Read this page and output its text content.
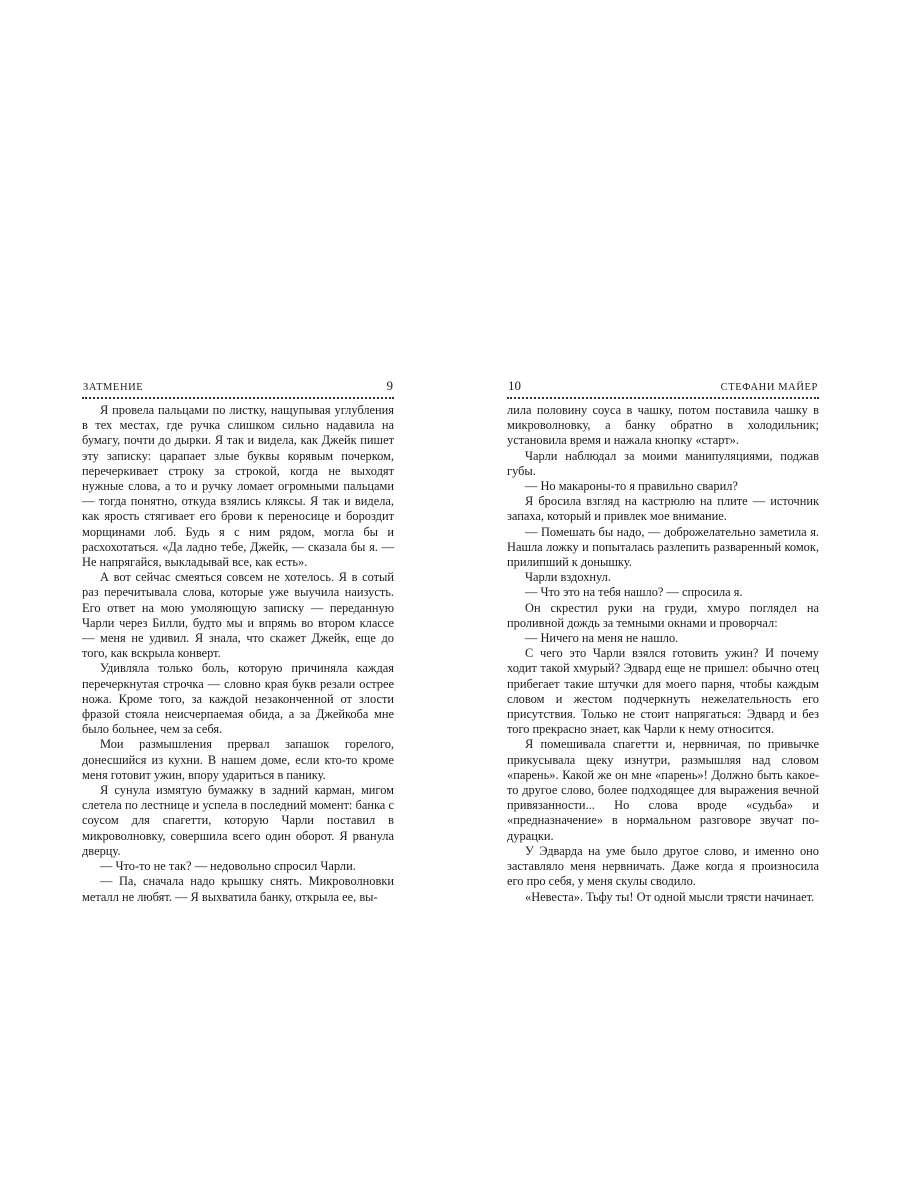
ЗАТМЕНИЕ	9

Я провела пальцами по листку, нащупывая углубления в тех местах, где ручка слишком сильно надавила на бумагу, почти до дырки. Я так и видела, как Джейк пишет эту записку: царапает злые буквы корявым почерком, перечеркивает строку за строкой, когда не выходят нужные слова, а то и ручку ломает огромными пальцами — тогда понятно, откуда взялись кляксы. Я так и видела, как ярость стягивает его брови к переносице и бороздит морщинами лоб. Будь я с ним рядом, могла бы и расхохотаться. «Да ладно тебе, Джейк, — сказала бы я. — Не напрягайся, выкладывай все, как есть».

А вот сейчас смеяться совсем не хотелось. Я в сотый раз перечитывала слова, которые уже выучила наизусть. Его ответ на мою умоляющую записку — переданную Чарли через Билли, будто мы и впрямь во втором классе — меня не удивил. Я знала, что скажет Джейк, еще до того, как вскрыла конверт.

Удивляла только боль, которую причиняла каждая перечеркнутая строчка — словно края букв резали острее ножа. Кроме того, за каждой незаконченной от злости фразой стояла неисчерпаемая обида, а за Джейкоба мне было больнее, чем за себя.

Мои размышления прервал запашок горелого, донесшийся из кухни. В нашем доме, если кто-то кроме меня готовит ужин, впору удариться в панику.

Я сунула измятую бумажку в задний карман, мигом слетела по лестнице и успела в последний момент: банка с соусом для спагетти, которую Чарли поставил в микроволновку, совершила всего один оборот. Я рванула дверцу.

— Что-то не так? — недовольно спросил Чарли.

— Па, сначала надо крышку снять. Микроволновки металл не любят. — Я выхватила банку, открыла ее, вы-

10	СТЕФАНИ МАЙЕР

лила половину соуса в чашку, потом поставила чашку в микроволновку, а банку обратно в холодильник; установила время и нажала кнопку «старт».

Чарли наблюдал за моими манипуляциями, поджав губы.

— Но макароны-то я правильно сварил?

Я бросила взгляд на кастрюлю на плите — источник запаха, который и привлек мое внимание.

— Помешать бы надо, — доброжелательно заметила я. Нашла ложку и попыталась разлепить разваренный комок, прилипший к донышку.

Чарли вздохнул.

— Что это на тебя нашло? — спросила я.

Он скрестил руки на груди, хмуро поглядел на проливной дождь за темными окнами и проворчал:

— Ничего на меня не нашло.

С чего это Чарли взялся готовить ужин? И почему ходит такой хмурый? Эдвард еще не пришел: обычно отец прибегает такие штучки для моего парня, чтобы каждым словом и жестом подчеркнуть нежелательность его присутствия. Только не стоит напрягаться: Эдвард и без того прекрасно знает, как Чарли к нему относится.

Я помешивала спагетти и, нервничая, по привычке прикусывала щеку изнутри, размышляя над словом «парень». Какой же он мне «парень»! Должно быть какое-то другое слово, более подходящее для выражения вечной привязанности... Но слова вроде «судьба» и «предназначение» в нормальном разговоре звучат по-дурацки.

У Эдварда на уме было другое слово, и именно оно заставляло меня нервничать. Даже когда я произносила его про себя, у меня скулы сводило.

«Невеста». Тьфу ты! От одной мысли трясти начинает.
